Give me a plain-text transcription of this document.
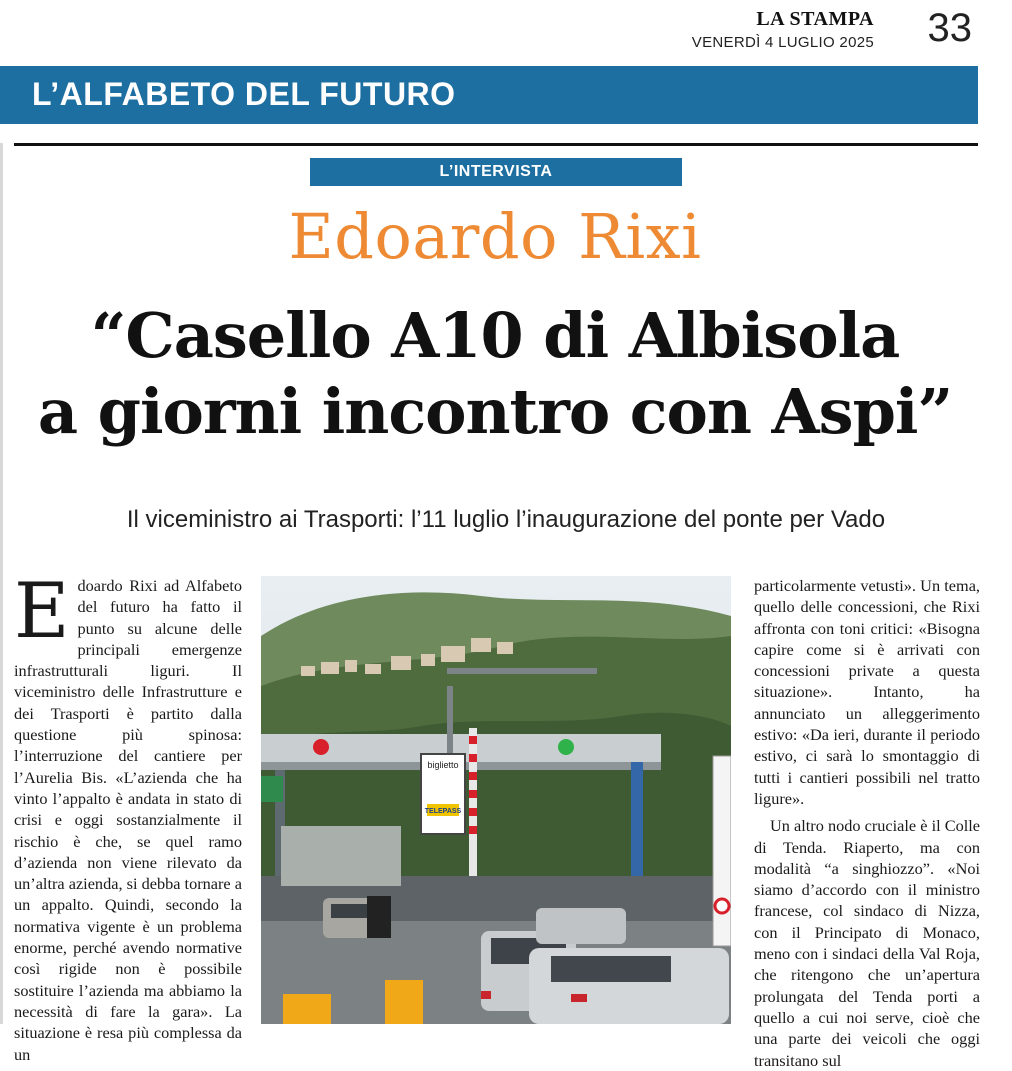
LA STAMPA
VENERDÌ 4 LUGLIO 2025 33
L’ALFABETO DEL FUTURO
L’INTERVISTA
Edoardo Rixi
“Casello A10 di Albisola
a giorni incontro con Aspi”
Il viceministro ai Trasporti: l’11 luglio l’inaugurazione del ponte per Vado
E doardo Rixi ad Alfabeto del futuro ha fatto il punto su alcune delle principali emergenze infrastrutturali liguri. Il viceministro delle Infrastrutture e dei Trasporti è partito dalla questione più spinosa: l’interruzione del cantiere per l’Aurelia Bis. «L’azienda che ha vinto l’appalto è andata in stato di crisi e oggi sostanzialmente il rischio è che, se quel ramo d’azienda non viene rilevato da un’altra azienda, si debba tornare a un appalto. Quindi, secondo la normativa vigente è un problema enorme, perché avendo normative così rigide non è possibile sostituire l’azienda ma abbiamo la necessità di fare la gara». La situazione è resa più complessa da un

biglietto
TELEPASS

particolarmente vetusti». Un tema, quello delle concessioni, che Rixi affronta con toni critici: «Bisogna capire come si è arrivati con concessioni private a questa situazione». Intanto, ha annunciato un alleggerimento estivo: «Da ieri, durante il periodo estivo, ci sarà lo smontaggio di tutti i cantieri possibili nel tratto ligure».

Un altro nodo cruciale è il Colle di Tenda. Riaperto, ma con modalità “a singhiozzo”. «Noi siamo d’accordo con il ministro francese, col sindaco di Nizza, con il Principato di Monaco, meno con i sindaci della Val Roja, che ritengono che un’apertura prolungata del Tenda porti a quello a cui noi serve, cioè che una parte dei veicoli che oggi transitano sul
